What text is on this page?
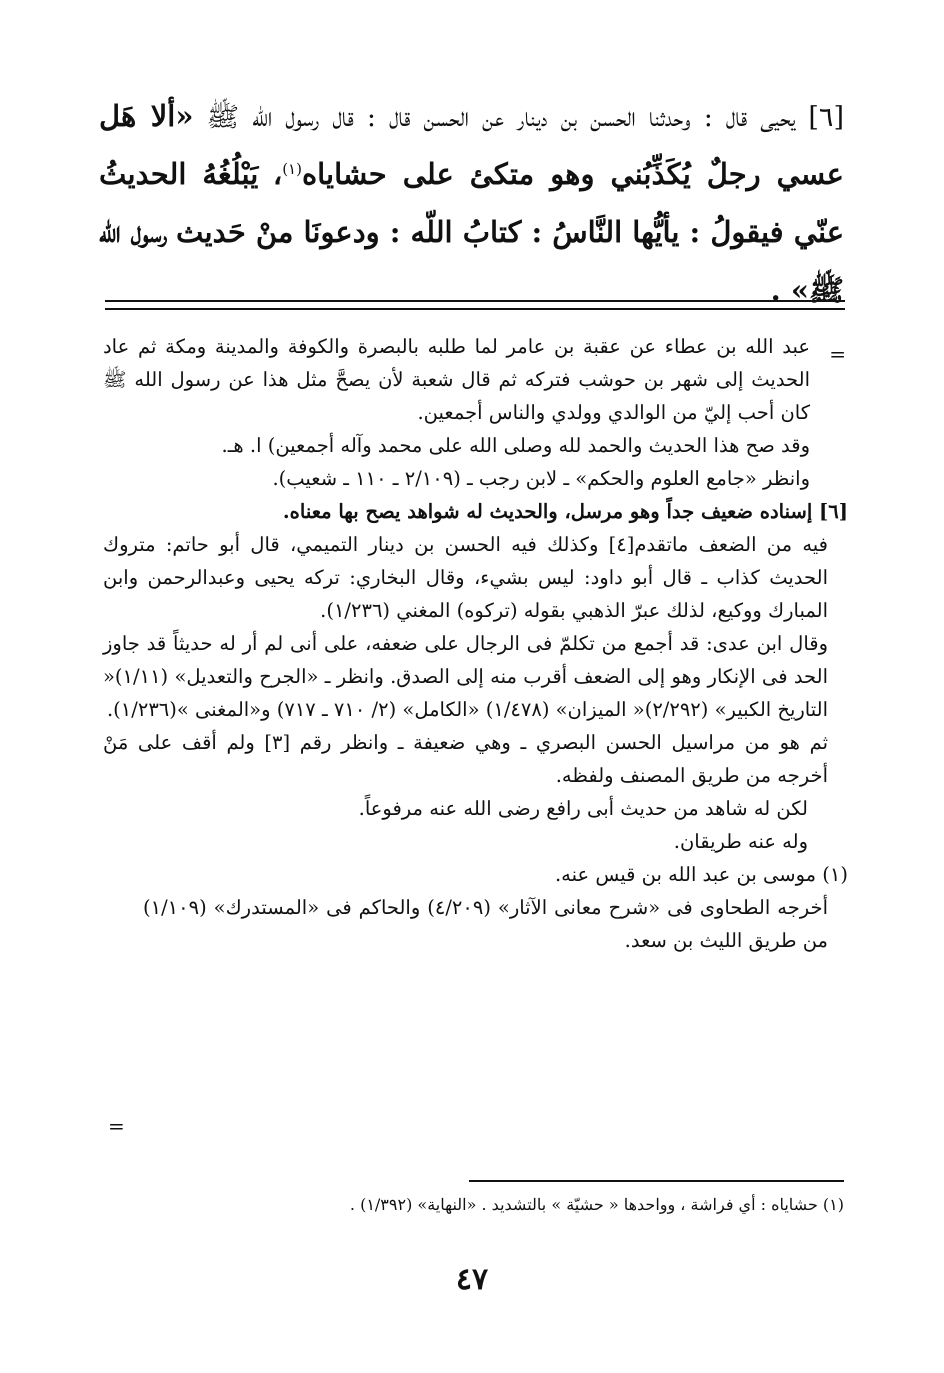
[٦] يحيى قال : وحدثنا الحسن بن دينار عن الحسن قال : قال رسول الله ﷺ «ألا هَل عسي رجلٌ يُكَذِّبُني وهو متكئ على حشاياه$^{(١)}$، يَبْلُغُهُ الحديثُ عنّي فيقولُ : يأيُّها النَّاسُ : كتابُ اللّه : ودعونَا منْ حَديث رسول الله ﷺ» .
=

عبد الله بن عطاء عن عقبة بن عامر لما طلبه بالبصرة والكوفة والمدينة ومكة ثم عاد الحديث إلى شهر بن حوشب فتركه ثم قال شعبة لأن يصحَّ مثل هذا عن رسول الله ﷺ كان أحب إليّ من الوالدي وولدي والناس أجمعين.

وقد صح هذا الحديث والحمد لله وصلى الله على محمد وآله أجمعين) ا. هـ.

وانظر «جامع العلوم والحكم» ـ لابن رجب ـ (٢/١٠٩ ـ ١١٠ ـ شعيب).

[٦] إسناده ضعيف جداً وهو مرسل، والحديث له شواهد يصح بها معناه.

فيه من الضعف ماتقدم[٤] وكذلك فيه الحسن بن دينار التميمي، قال أبو حاتم: متروك الحديث كذاب ـ قال أبو داود: ليس بشيء، وقال البخاري: تركه يحيى وعبدالرحمن وابن المبارك ووكيع، لذلك عبرّ الذهبي بقوله (تركوه) المغني (١/٢٣٦).

وقال ابن عدى: قد أجمع من تكلمّ فى الرجال على ضعفه، على أنى لم أر له حديثاً قد جاوز الحد فى الإنكار وهو إلى الضعف أقرب منه إلى الصدق. وانظر ـ «الجرح والتعديل» (١/١١)« التاريخ الكبير» (٢/٢٩٢)« الميزان» (١/٤٧٨) «الكامل» (٢/ ٧١٠ ـ ٧١٧) و«المغنى »(١/٢٣٦).

ثم هو من مراسيل الحسن البصري ـ وهي ضعيفة ـ وانظر رقم [٣] ولم أقف على مَنْ أخرجه من طريق المصنف ولفظه.

لكن له شاهد من حديث أبى رافع رضى الله عنه مرفوعاً.

وله عنه طريقان.

(١) موسى بن عبد الله بن قيس عنه.

أخرجه الطحاوى فى «شرح معانى الآثار» (٤/٢٠٩) والحاكم فى «المستدرك» (١/١٠٩) من طريق الليث بن سعد.

=
(١) حشاياه : أي فراشة ، وواحدها « حشيّة » بالتشديد . «النهاية» (١/٣٩٢) .
٤٧
